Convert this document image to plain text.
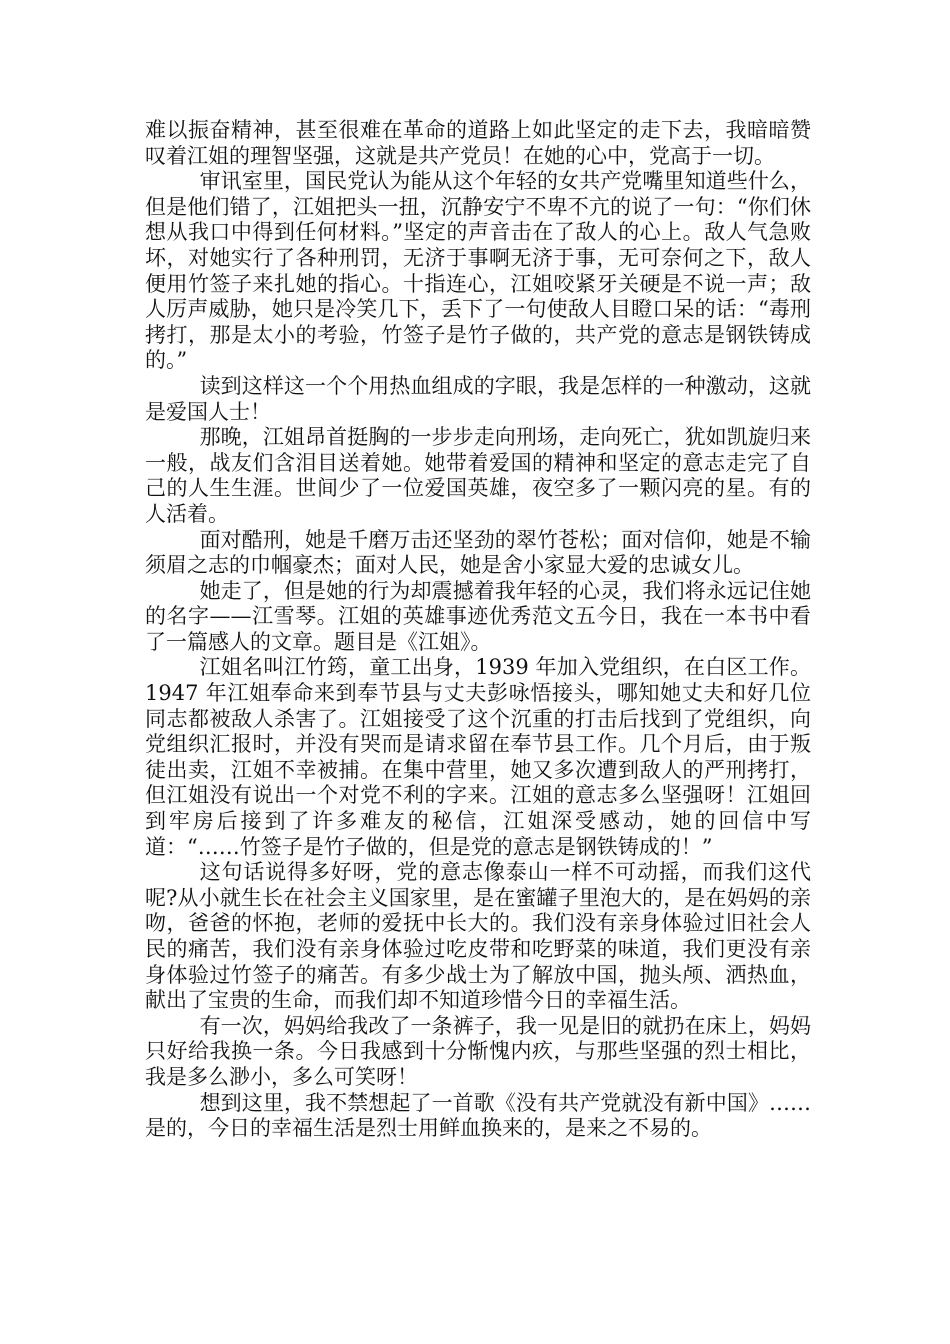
难以振奋精神，甚至很难在革命的道路上如此坚定的走下去，我暗暗赞叹着江姐的理智坚强，这就是共产党员！在她的心中，党高于一切。

审讯室里，国民党认为能从这个年轻的女共产党嘴里知道些什么，但是他们错了，江姐把头一扭，沉静安宁不卑不亢的说了一句：“你们休想从我口中得到任何材料。”坚定的声音击在了敌人的心上。敌人气急败坏，对她实行了各种刑罚，无济于事啊无济于事，无可奈何之下，敌人便用竹签子来扎她的指心。十指连心，江姐咬紧牙关硬是不说一声；敌人厉声威胁，她只是冷笑几下，丢下了一句使敌人目瞪口呆的话：“毒刑拷打，那是太小的考验，竹签子是竹子做的，共产党的意志是钢铁铸成的。”

读到这样这一个个用热血组成的字眼，我是怎样的一种激动，这就是爱国人士！

那晚，江姐昂首挺胸的一步步走向刑场，走向死亡，犹如凯旋归来一般，战友们含泪目送着她。她带着爱国的精神和坚定的意志走完了自己的人生生涯。世间少了一位爱国英雄，夜空多了一颗闪亮的星。有的人活着。

面对酷刑，她是千磨万击还坚劲的翠竹苍松；面对信仰，她是不输须眉之志的巾帼豪杰；面对人民，她是舍小家显大爱的忠诚女儿。

她走了，但是她的行为却震撼着我年轻的心灵，我们将永远记住她的名字——江雪琴。江姐的英雄事迹优秀范文五今日，我在一本书中看了一篇感人的文章。题目是《江姐》。

江姐名叫江竹筠，童工出身，1939 年加入党组织，在白区工作。1947 年江姐奉命来到奉节县与丈夫彭咏悟接头，哪知她丈夫和好几位同志都被敌人杀害了。江姐接受了这个沉重的打击后找到了党组织，向党组织汇报时，并没有哭而是请求留在奉节县工作。几个月后，由于叛徒出卖，江姐不幸被捕。在集中营里，她又多次遭到敌人的严刑拷打，但江姐没有说出一个对党不利的字来。江姐的意志多么坚强呀！江姐回到牢房后接到了许多难友的秘信，江姐深受感动，她的回信中写道：“……竹签子是竹子做的，但是党的意志是钢铁铸成的！”

这句话说得多好呀，党的意志像泰山一样不可动摇，而我们这代呢?从小就生长在社会主义国家里，是在蜜罐子里泡大的，是在妈妈的亲吻，爸爸的怀抱，老师的爱抚中长大的。我们没有亲身体验过旧社会人民的痛苦，我们没有亲身体验过吃皮带和吃野菜的味道，我们更没有亲身体验过竹签子的痛苦。有多少战士为了解放中国，抛头颅、洒热血，献出了宝贵的生命，而我们却不知道珍惜今日的幸福生活。

有一次，妈妈给我改了一条裤子，我一见是旧的就扔在床上，妈妈只好给我换一条。今日我感到十分惭愧内疚，与那些坚强的烈士相比，我是多么渺小，多么可笑呀！

想到这里，我不禁想起了一首歌《没有共产党就没有新中国》……是的，今日的幸福生活是烈士用鲜血换来的，是来之不易的。
